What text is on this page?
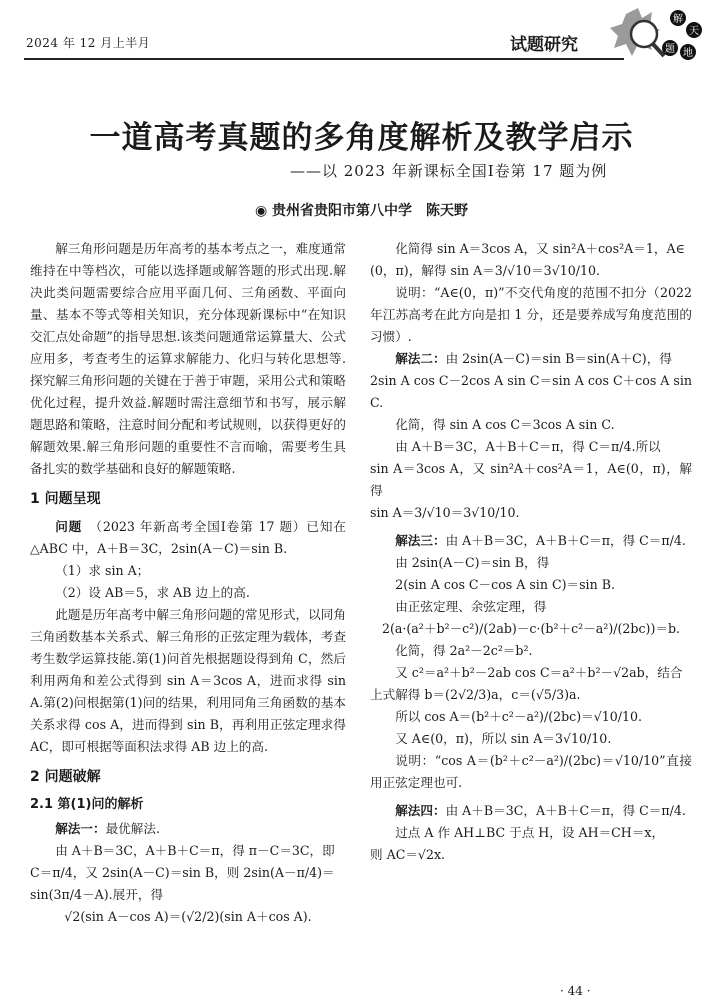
2024 年 12 月上半月	试题研究
解
题
天
地
一道高考真题的多角度解析及教学启示
——以 2023 年新课标全国Ⅰ卷第 17 题为例
◉ 贵州省贵阳市第八中学　陈天野

解三角形问题是历年高考的基本考点之一，难度通常维持在中等档次，可能以选择题或解答题的形式出现.解决此类问题需要综合应用平面几何、三角函数、平面向量、基本不等式等相关知识，充分体现新课标中“在知识交汇点处命题”的指导思想.该类问题通常运算量大、公式应用多，考查考生的运算求解能力、化归与转化思想等.探究解三角形问题的关键在于善于审题，采用公式和策略优化过程，提升效益.解题时需注意细节和书写，展示解题思路和策略，注意时间分配和考试规则，以获得更好的解题效果.解三角形问题的重要性不言而喻，需要考生具备扎实的数学基础和良好的解题策略.

1 问题呈现

问题　 （2023 年新高考全国Ⅰ卷第 17 题）已知在△ABC 中，A＋B＝3C，2sin(A－C)＝sin B.

（1）求 sin A；

（2）设 AB＝5，求 AB 边上的高.

此题是历年高考中解三角形问题的常见形式，以同角三角函数基本关系式、解三角形的正弦定理为载体，考查考生数学运算技能.第(1)问首先根据题设得到角 C，然后利用两角和差公式得到 sin A＝3cos A，进而求得 sin A.第(2)问根据第(1)问的结果，利用同角三角函数的基本关系求得 cos A，进而得到 sin B，再利用正弦定理求得 AC，即可根据等面积法求得 AB 边上的高.

2 问题破解

2.1 第(1)问的解析

解法一：最优解法.

由 A＋B＝3C，A＋B＋C＝π，得 π－C＝3C，即

C＝π/4，又 2sin(A－C)＝sin B，则 2sin(A－π/4)＝

sin(3π/4－A).展开，得

√2(sin A－cos A)＝(√2/2)(sin A＋cos A).

化简得 sin A＝3cos A，又 sin²A＋cos²A＝1，A∈

(0，π)，解得 sin A＝3/√10＝3√10/10.

说明：“A∈(0，π)”不交代角度的范围不扣分（2022 年江苏高考在此方向是扣 1 分，还是要养成写角度范围的习惯）.

解法二：由 2sin(A－C)＝sin B＝sin(A＋C)，得

2sin A cos C－2cos A sin C＝sin A cos C＋cos A sin C.

化简，得 sin A cos C＝3cos A sin C.

由 A＋B＝3C，A＋B＋C＝π，得 C＝π/4.所以

sin A＝3cos A，又 sin²A＋cos²A＝1，A∈(0，π)，解得

sin A＝3/√10＝3√10/10.

解法三：由 A＋B＝3C，A＋B＋C＝π，得 C＝π/4.

由 2sin(A－C)＝sin B，得

2(sin A cos C－cos A sin C)＝sin B.

由正弦定理、余弦定理，得

2(a·(a²＋b²－c²)/(2ab)－c·(b²＋c²－a²)/(2bc))＝b.

化简，得 2a²－2c²＝b².

又 c²＝a²＋b²－2ab cos C＝a²＋b²－√2ab，结合

上式解得 b＝(2√2/3)a，c＝(√5/3)a.

所以 cos A＝(b²＋c²－a²)/(2bc)＝√10/10.

又 A∈(0，π)，所以 sin A＝3√10/10.

说明：“cos A＝(b²＋c²－a²)/(2bc)＝√10/10”直接用正弦定理也可.

解法四：由 A＋B＝3C，A＋B＋C＝π，得 C＝π/4.

过点 A 作 AH⊥BC 于点 H，设 AH＝CH＝x，

则 AC＝√2x.

· 44 ·
